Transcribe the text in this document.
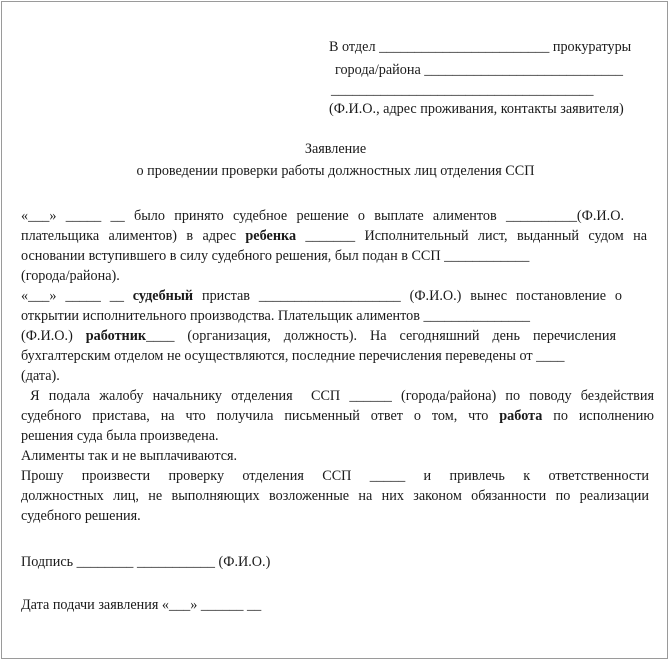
В отдел ________________________ прокуратуры
города/района ____________________________
_____________________________________
(Ф.И.О., адрес проживания, контакты заявителя)
Заявление
о проведении проверки работы должностных лиц отделения ССП
«___» _____ __ было принято судебное решение о выплате алиментов __________(Ф.И.О.
плательщика алиментов) в адрес ребенка _______ Исполнительный лист, выданный судом на
основании вступившего в силу судебного решения, был подан в ССП ____________
(города/района).
«___» _____ __ судебный пристав ____________________ (Ф.И.О.) вынес постановление о
открытии исполнительного производства. Плательщик алиментов _______________
(Ф.И.О.) работник____ (организация, должность). На сегодняшний день перечисления
бухгалтерским отделом не осуществляются, последние перечисления переведены от ____
(дата).
Я подала жалобу начальнику отделения  ССП ______ (города/района) по поводу бездействия
судебного пристава, на что получила письменный ответ о том, что работа по исполнению
решения суда была произведена.
Алименты так и не выплачиваются.
Прошу произвести проверку отделения ССП _____ и привлечь к ответственности
должностных лиц, не выполняющих возложенные на них законом обязанности по реализации
судебного решения.
Подпись ________ ___________ (Ф.И.О.)
Дата подачи заявления «___» ______ __
